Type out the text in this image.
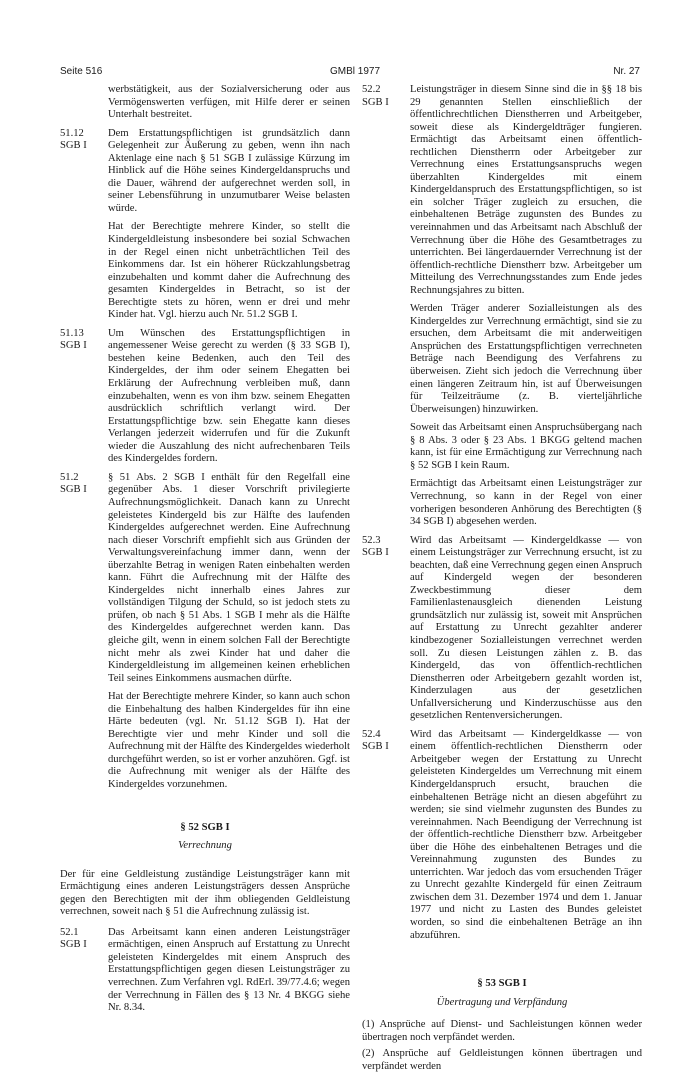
Seite 516	GMBl 1977	Nr. 27

werbstätigkeit, aus der Sozialversicherung oder aus Vermögenswerten verfügen, mit Hilfe derer er seinen Unterhalt bestreitet.

51.12
SGB I

Dem Erstattungspflichtigen ist grundsätzlich dann Gelegenheit zur Äußerung zu geben, wenn ihn nach Aktenlage eine nach § 51 SGB I zulässige Kürzung im Hinblick auf die Höhe seines Kindergeldanspruchs und die Dauer, während der aufgerechnet werden soll, in seiner Lebensführung in unzumutbarer Weise belasten würde.

Hat der Berechtigte mehrere Kinder, so stellt die Kindergeldleistung insbesondere bei sozial Schwachen in der Regel einen nicht unbeträchtlichen Teil des Einkommens dar. Ist ein höherer Rückzahlungsbetrag einzubehalten und kommt daher die Aufrechnung des gesamten Kindergeldes in Betracht, so ist der Berechtigte stets zu hören, wenn er drei und mehr Kinder hat. Vgl. hierzu auch Nr. 51.2 SGB I.

51.13
SGB I

Um Wünschen des Erstattungspflichtigen in angemessener Weise gerecht zu werden (§ 33 SGB I), bestehen keine Bedenken, auch den Teil des Kindergeldes, der ihm oder seinem Ehegatten bei Erklärung der Aufrechnung verbleiben muß, dann einzubehalten, wenn es von ihm bzw. seinem Ehegatten ausdrücklich schriftlich verlangt wird. Der Erstattungspflichtige bzw. sein Ehegatte kann dieses Verlangen jederzeit widerrufen und für die Zukunft wieder die Auszahlung des nicht aufrechenbaren Teils des Kindergeldes fordern.

51.2
SGB I

§ 51 Abs. 2 SGB I enthält für den Regelfall eine gegenüber Abs. 1 dieser Vorschrift privilegierte Aufrechnungsmöglichkeit. Danach kann zu Unrecht geleistetes Kindergeld bis zur Hälfte des laufenden Kindergeldes aufgerechnet werden. Eine Aufrechnung nach dieser Vorschrift empfiehlt sich aus Gründen der Verwaltungsvereinfachung immer dann, wenn der überzahlte Betrag in wenigen Raten einbehalten werden kann. Führt die Aufrechnung mit der Hälfte des Kindergeldes nicht innerhalb eines Jahres zur vollständigen Tilgung der Schuld, so ist jedoch stets zu prüfen, ob nach § 51 Abs. 1 SGB I mehr als die Hälfte des Kindergeldes aufgerechnet werden kann. Das gleiche gilt, wenn in einem solchen Fall der Berechtigte nicht mehr als zwei Kinder hat und daher die Kindergeldleistung im allgemeinen keinen erheblichen Teil seines Einkommens ausmachen dürfte.

Hat der Berechtigte mehrere Kinder, so kann auch schon die Einbehaltung des halben Kindergeldes für ihn eine Härte bedeuten (vgl. Nr. 51.12 SGB I). Hat der Berechtigte vier und mehr Kinder und soll die Aufrechnung mit der Hälfte des Kindergeldes wiederholt durchgeführt werden, so ist er vorher anzuhören. Ggf. ist die Aufrechnung mit weniger als der Hälfte des Kindergeldes vorzunehmen.

§ 52 SGB I

Verrechnung

Der für eine Geldleistung zuständige Leistungsträger kann mit Ermächtigung eines anderen Leistungsträgers dessen Ansprüche gegen den Berechtigten mit der ihm obliegenden Geldleistung verrechnen, soweit nach § 51 die Aufrechnung zulässig ist.

52.1
SGB I

Das Arbeitsamt kann einen anderen Leistungsträger ermächtigen, einen Anspruch auf Erstattung zu Unrecht geleisteten Kindergeldes mit einem Anspruch des Erstattungspflichtigen gegen diesen Leistungsträger zu verrechnen. Zum Verfahren vgl. RdErl. 39/77.4.6; wegen der Verrechnung in Fällen des § 13 Nr. 4 BKGG siehe Nr. 8.34.

52.2
SGB I

Leistungsträger in diesem Sinne sind die in §§ 18 bis 29 genannten Stellen einschließlich der öffentlichrechtlichen Dienstherren und Arbeitgeber, soweit diese als Kindergeldträger fungieren. Ermächtigt das Arbeitsamt einen öffentlich-rechtlichen Dienstherrn oder Arbeitgeber zur Verrechnung eines Erstattungsanspruchs wegen überzahlten Kindergeldes mit einem Kindergeldanspruch des Erstattungspflichtigen, so ist ein solcher Träger zugleich zu ersuchen, die einbehaltenen Beträge zugunsten des Bundes zu vereinnahmen und das Arbeitsamt nach Abschluß der Verrechnung über die Höhe des Gesamtbetrages zu unterrichten. Bei längerdauernder Verrechnung ist der öffentlich-rechtliche Dienstherr bzw. Arbeitgeber um Mitteilung des Verrechnungsstandes zum Ende jedes Rechnungsjahres zu bitten.

Werden Träger anderer Sozialleistungen als des Kindergeldes zur Verrechnung ermächtigt, sind sie zu ersuchen, dem Arbeitsamt die mit anderweitigen Ansprüchen des Erstattungspflichtigen verrechneten Beträge nach Beendigung des Verfahrens zu überweisen. Zieht sich jedoch die Verrechnung über einen längeren Zeitraum hin, ist auf Überweisungen für Teilzeiträume (z. B. vierteljährliche Überweisungen) hinzuwirken.

Soweit das Arbeitsamt einen Anspruchsübergang nach § 8 Abs. 3 oder § 23 Abs. 1 BKGG geltend machen kann, ist für eine Ermächtigung zur Verrechnung nach § 52 SGB I kein Raum.

Ermächtigt das Arbeitsamt einen Leistungsträger zur Verrechnung, so kann in der Regel von einer vorherigen besonderen Anhörung des Berechtigten (§ 34 SGB I) abgesehen werden.

52.3
SGB I

Wird das Arbeitsamt — Kindergeldkasse — von einem Leistungsträger zur Verrechnung ersucht, ist zu beachten, daß eine Verrechnung gegen einen Anspruch auf Kindergeld wegen der besonderen Zweckbestimmung dieser dem Familienlastenausgleich dienenden Leistung grundsätzlich nur zulässig ist, soweit mit Ansprüchen auf Erstattung zu Unrecht gezahlter anderer kindbezogener Sozialleistungen verrechnet werden soll. Zu diesen Leistungen zählen z. B. das Kindergeld, das von öffentlich-rechtlichen Dienstherren oder Arbeitgebern gezahlt worden ist, Kinderzulagen aus der gesetzlichen Unfallversicherung und Kinderzuschüsse aus den gesetzlichen Rentenversicherungen.

52.4
SGB I

Wird das Arbeitsamt — Kindergeldkasse — von einem öffentlich-rechtlichen Dienstherrn oder Arbeitgeber wegen der Erstattung zu Unrecht geleisteten Kindergeldes um Verrechnung mit einem Kindergeldanspruch ersucht, brauchen die einbehaltenen Beträge nicht an diesen abgeführt zu werden; sie sind vielmehr zugunsten des Bundes zu vereinnahmen. Nach Beendigung der Verrechnung ist der öffentlich-rechtliche Dienstherr bzw. Arbeitgeber über die Höhe des einbehaltenen Betrages und die Vereinnahmung zugunsten des Bundes zu unterrichten. War jedoch das vom ersuchenden Träger zu Unrecht gezahlte Kindergeld für einen Zeitraum zwischen dem 31. Dezember 1974 und dem 1. Januar 1977 und nicht zu Lasten des Bundes geleistet worden, so sind die einbehaltenen Beträge an ihn abzuführen.

§ 53 SGB I

Übertragung und Verpfändung

(1) Ansprüche auf Dienst- und Sachleistungen können weder übertragen noch verpfändet werden.

(2) Ansprüche auf Geldleistungen können übertragen und verpfändet werden
